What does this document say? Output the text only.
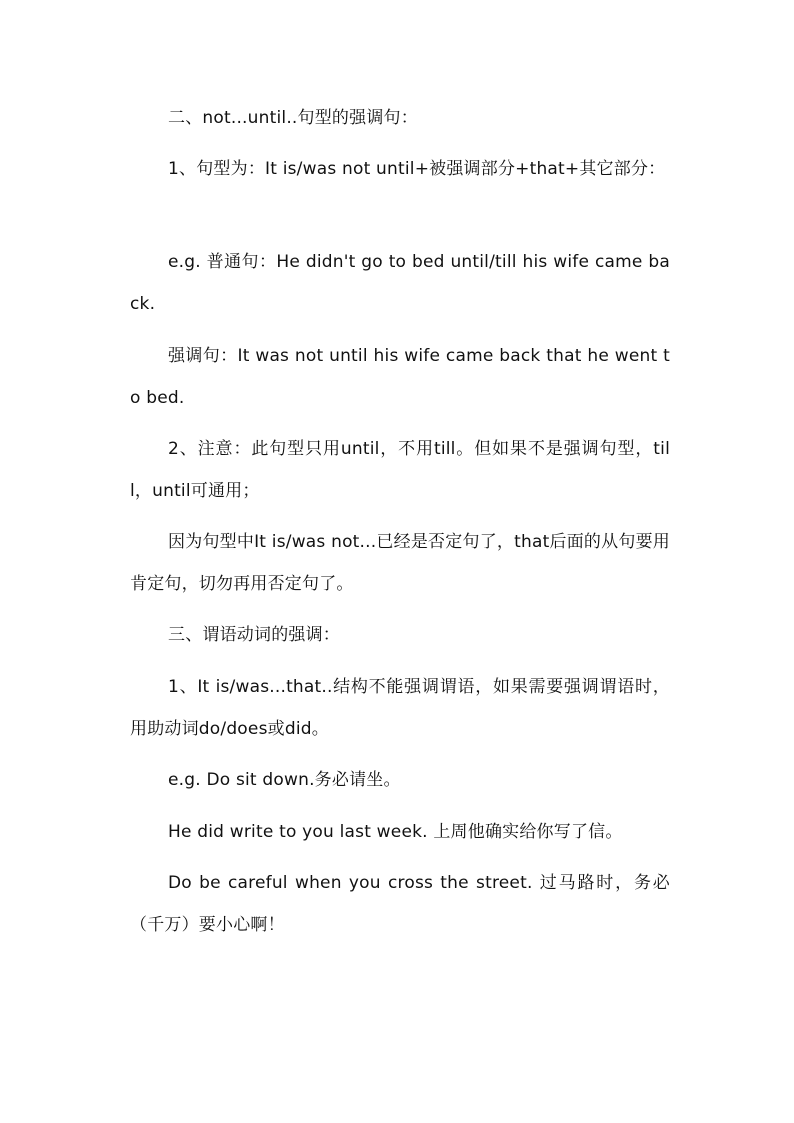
二、not...until..句型的强调句：

1、句型为：It is/was not until+被强调部分+that+其它部分：

e.g. 普通句：He didn't go to bed until/till his wife came back.

强调句：It was not until his wife came back that he went to bed.

2、注意：此句型只用until，不用till。但如果不是强调句型，till，until可通用；

因为句型中It is/was not...已经是否定句了，that后面的从句要用肯定句，切勿再用否定句了。

三、谓语动词的强调：

1、It is/was...that..结构不能强调谓语，如果需要强调谓语时，用助动词do/does或did。

e.g. Do sit down.务必请坐。

He did write to you last week. 上周他确实给你写了信。

Do be careful when you cross the street. 过马路时，务必（千万）要小心啊！
